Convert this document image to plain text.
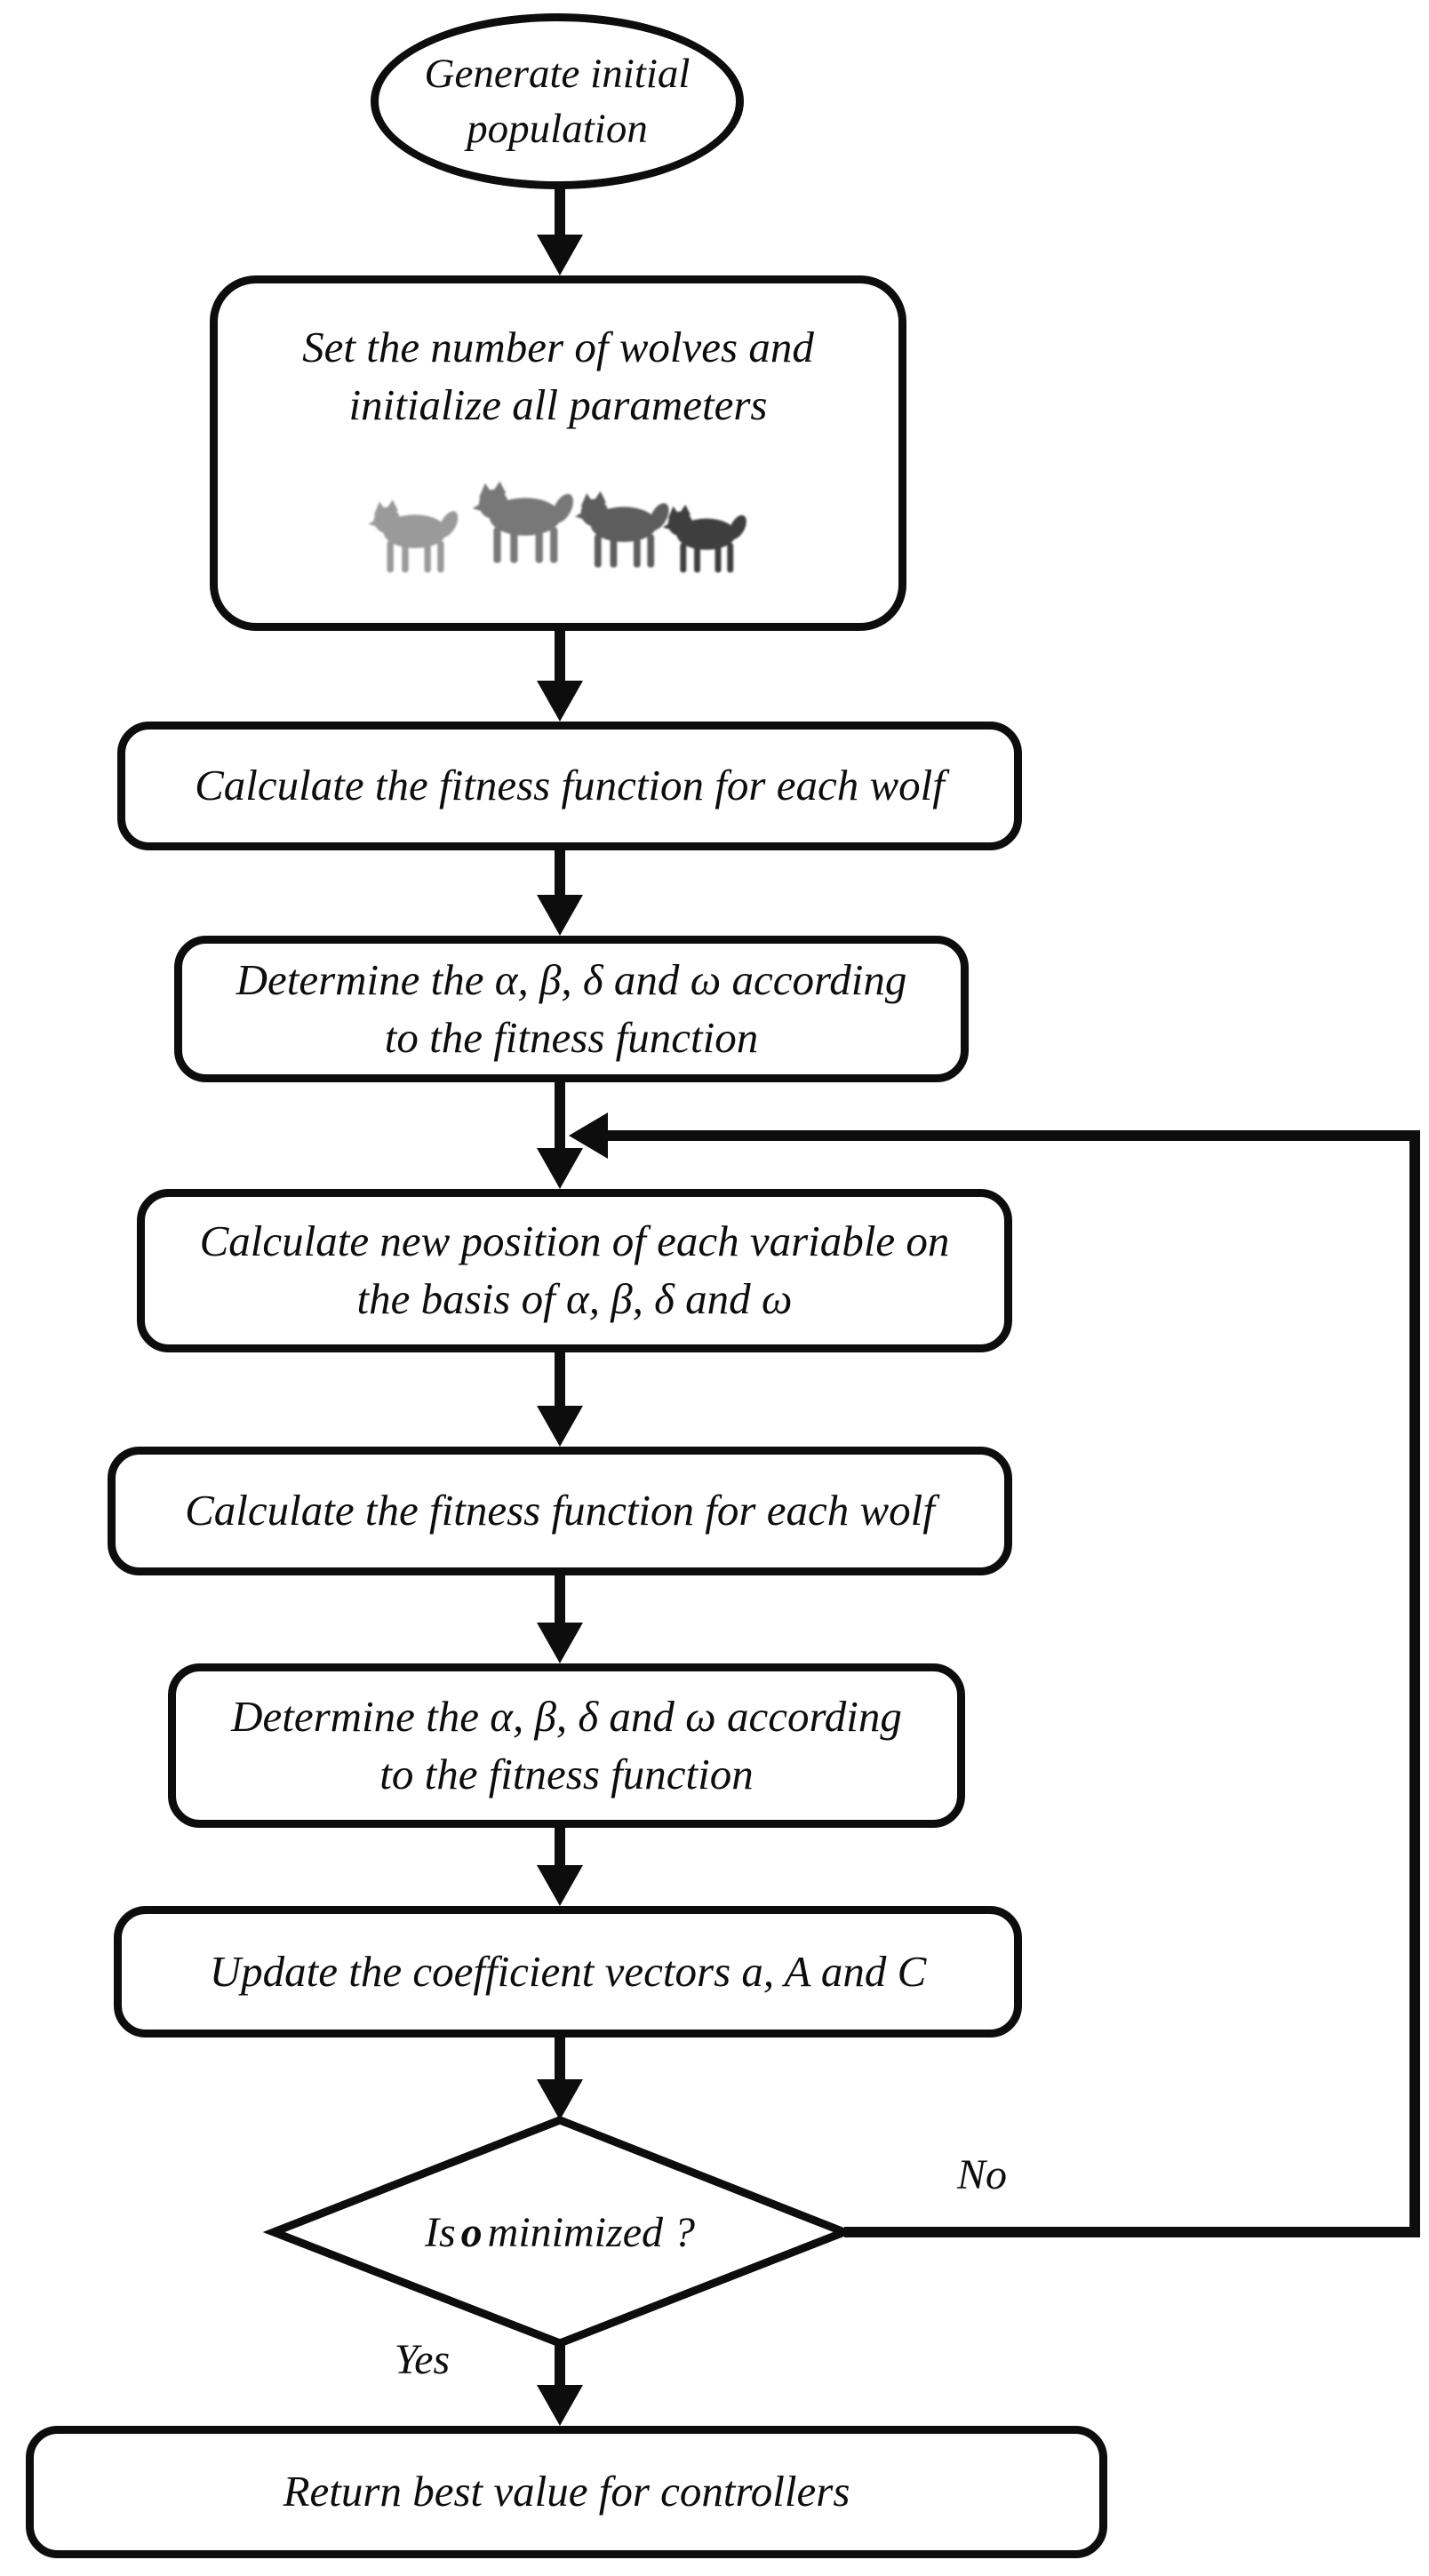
Generate initial
population
Set the number of wolves and
initialize all parameters
Calculate the fitness function for each wolf
Determine the α, β, δ and ω according
to the fitness function
Calculate new position of each variable on
the basis of α, β, δ and ω
Calculate the fitness function for each wolf
Determine the α, β, δ and ω according
to the fitness function
Update the coefficient vectors a, A and C
Is o minimized ?
No
Yes
Return best value for controllers
